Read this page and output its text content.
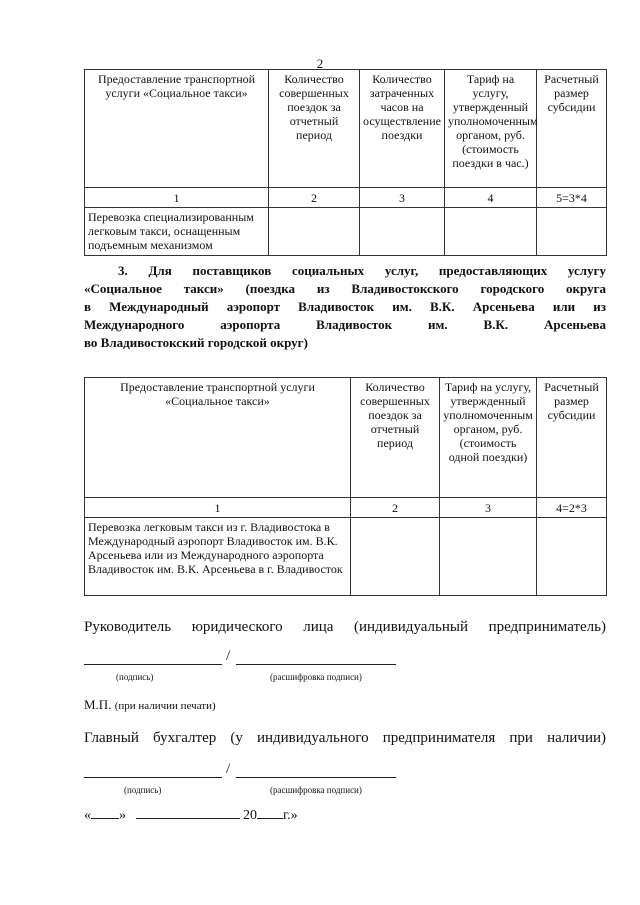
2
Предоставление транспортной услуги «Социальное такси»	Количество совершенных поездок за отчетный период	Количество затраченных часов на осуществление поездки	Тариф на услугу, утвержденный уполномоченным органом, руб. (стоимость поездки в час.)	Расчетный размер субсидии
1	2	3	4	5=3*4
Перевозка специализированным легковым такси, оснащенным подъемным механизмом				
3. Для поставщиков социальных услуг, предоставляющих услугу
«Социальное такси» (поездка из Владивостокского городского округа
в Международный аэропорт Владивосток им. В.К. Арсеньева или из
Международного аэропорта Владивосток им. В.К. Арсеньева
во Владивостокский городской округ)
Предоставление транспортной услуги «Социальное такси»	Количество совершенных поездок за отчетный период	Тариф на услугу, утвержденный уполномоченным органом, руб. (стоимость одной поездки)	Расчетный размер субсидии
1	2	3	4=2*3
Перевозка легковым такси из г. Владивостока в Международный аэропорт Владивосток им. В.К. Арсеньева или из Международного аэропорта Владивосток им. В.К. Арсеньева в г. Владивосток			
Руководитель юридического лица (индивидуальный предприниматель)
/
(подпись)	(расшифровка подписи)
М.П. (при наличии печати)
Главный бухгалтер (у индивидуального предпринимателя при наличии)
/
(подпись)	(расшифровка подписи)
« »	20 г.»
